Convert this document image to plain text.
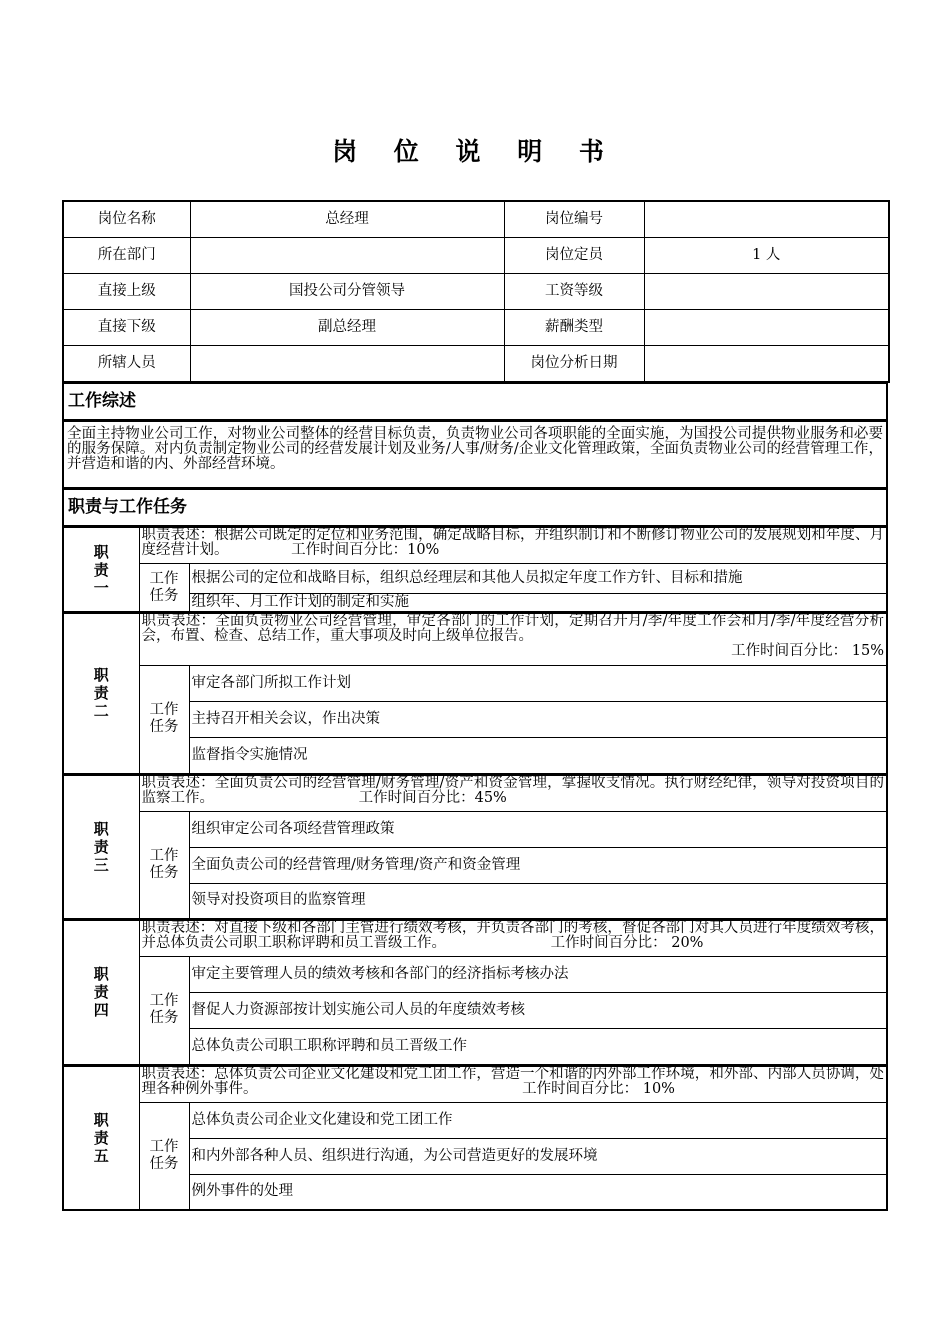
岗 位 说 明 书
岗位名称	总经理	岗位编号	
所在部门		岗位定员	1 人
直接上级	国投公司分管领导	工资等级	
直接下级	副总经理	薪酬类型	
所辖人员		岗位分析日期	
工作综述
全面主持物业公司工作，对物业公司整体的经营目标负责，负责物业公司各项职能的全面实施，为国投公司提供物业服务和必要的服务保障。对内负责制定物业公司的经营发展计划及业务/人事/财务/企业文化管理政策，全面负责物业公司的经营管理工作，并营造和谐的内、外部经营环境。
职责与工作任务
职
责
一	职责表述：根据公司既定的定位和业务范围，确定战略目标，并组织制订和不断修订物业公司的发展规划和年度、月度经营计划。 工作时间百分比：10%	
	工作
任务	根据公司的定位和战略目标，组织总经理层和其他人员拟定年度工作方针、目标和措施
		组织年、月工作计划的制定和实施
职
责
二	职责表述：全面负责物业公司经营管理，审定各部门的工作计划，定期召开月/季/年度工作会和月/季/年度经营分析会，布置、检查、总结工作，重大事项及时向上级单位报告。
工作时间百分比： 15%	

	工作
任务	审定各部门所拟工作计划
		主持召开相关会议，作出决策
		监督指令实施情况
职
责
三	职责表述：全面负责公司的经营管理/财务管理/资产和资金管理，掌握收支情况。执行财经纪律，领导对投资项目的监察工作。 工作时间百分比：45%	
	工作
任务	组织审定公司各项经营管理政策
		全面负责公司的经营管理/财务管理/资产和资金管理
		领导对投资项目的监察管理
职
责
四	职责表述：对直接下级和各部门主管进行绩效考核，并负责各部门的考核，督促各部门对其人员进行年度绩效考核，并总体负责公司职工职称评聘和员工晋级工作。 工作时间百分比： 20%	
	工作
任务	审定主要管理人员的绩效考核和各部门的经济指标考核办法
		督促人力资源部按计划实施公司人员的年度绩效考核
		总体负责公司职工职称评聘和员工晋级工作
职
责
五	职责表述：总体负责公司企业文化建设和党工团工作，营造一个和谐的内外部工作环境，和外部、内部人员协调，处理各种例外事件。 工作时间百分比： 10%	
	工作
任务	总体负责公司企业文化建设和党工团工作
		和内外部各种人员、组织进行沟通，为公司营造更好的发展环境
		例外事件的处理
